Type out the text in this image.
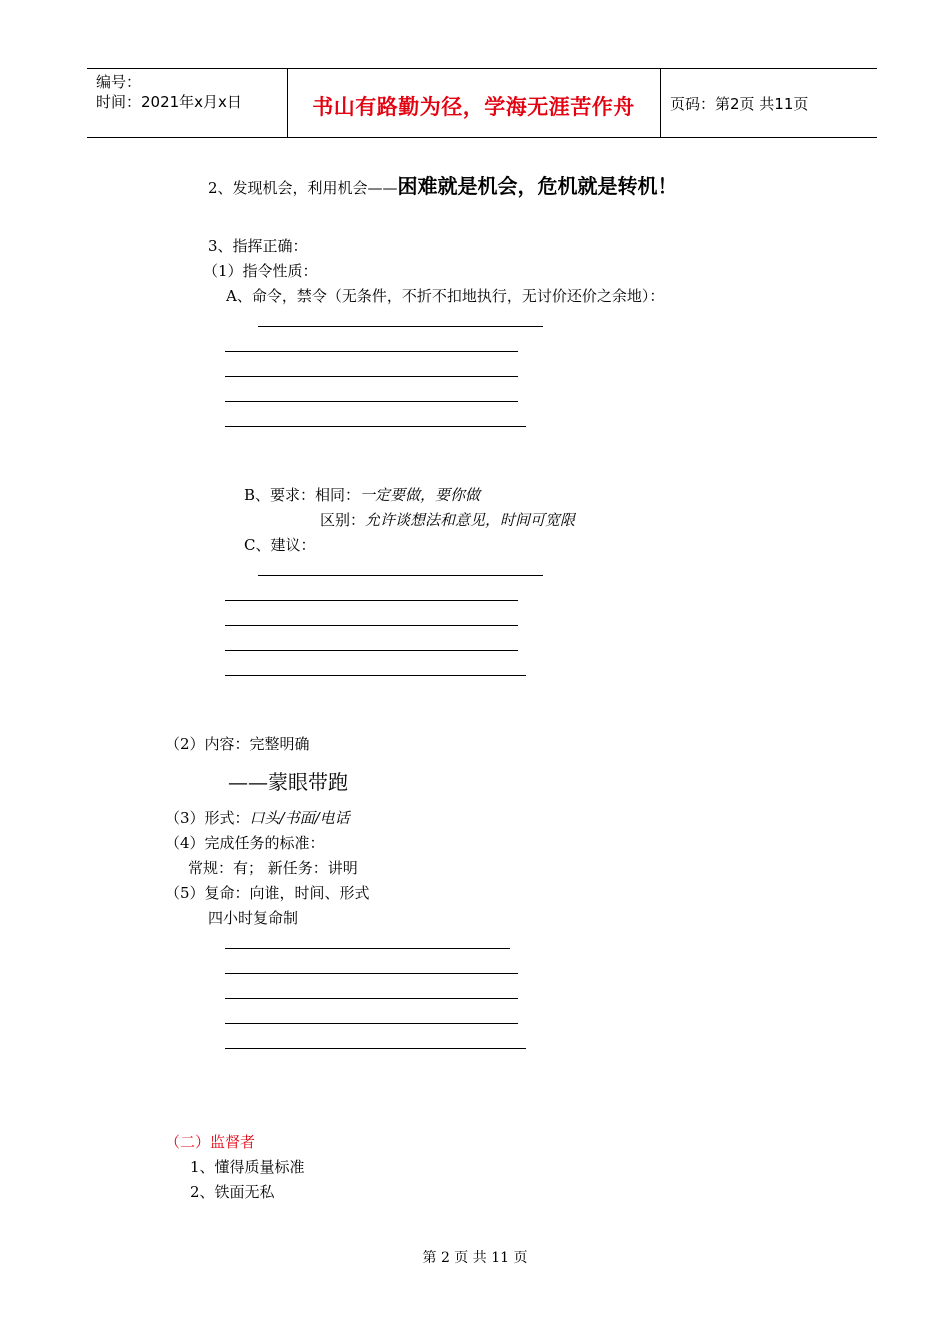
编号：
时间：2021年x月x日	书山有路勤为径，学海无涯苦作舟	页码：第2页 共11页
2、发现机会，利用机会——困难就是机会，危机就是转机！
3、指挥正确：
（1）指令性质：
A、命令，禁令（无条件，不折不扣地执行，无讨价还价之余地）：
B、要求：相同：一定要做，要你做
区别：允许谈想法和意见，时间可宽限
C、建议：
（2）内容：完整明确
——蒙眼带跑
（3）形式：口头/书面/电话
（4）完成任务的标准：
常规：有； 新任务：讲明
（5）复命：向谁，时间、形式
四小时复命制
（二）监督者
1、懂得质量标准
2、铁面无私
第 2 页 共 11 页
